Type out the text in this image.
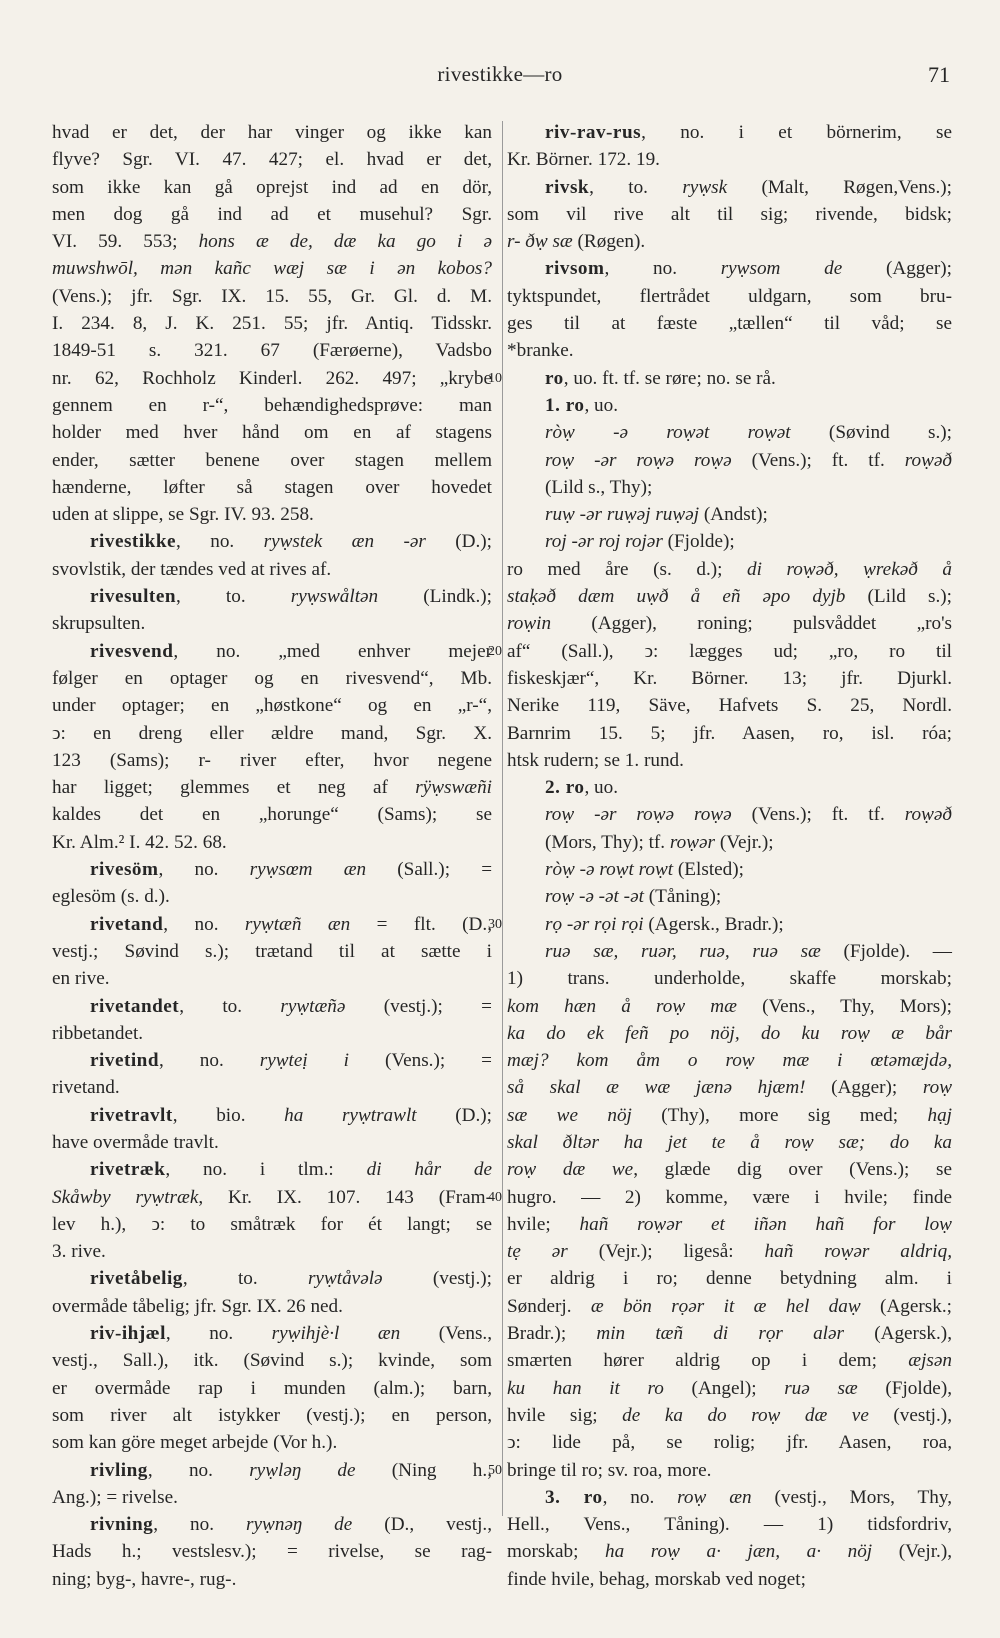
rivestikke—ro	71
hvad er det, der har vinger og ikke kan
flyve? Sgr. VI. 47. 427; el. hvad er det,
som ikke kan gå oprejst ind ad en dör,
men dog gå ind ad et musehul? Sgr.
VI. 59. 553; hons æ de, dæ ka go i ə
muwshwōl, mən kañc wæj sæ i ən kobos?
(Vens.); jfr. Sgr. IX. 15. 55, Gr. Gl. d. M.
I. 234. 8, J. K. 251. 55; jfr. Antiq. Tidsskr.
1849-51 s. 321. 67 (Færøerne), Vadsbo
nr. 62, Rochholz Kinderl. 262. 497; „krybe
gennem en r-“, behændighedsprøve: man
holder med hver hånd om en af stagens
ender, sætter benene over stagen mellem
hænderne, løfter så stagen over hovedet
uden at slippe, se Sgr. IV. 93. 258.
rivestikke, no. ryẉstek æn -ər (D.);
svovlstik, der tændes ved at rives af.
rivesulten, to. ryẉswåltən (Lindk.);
skrupsulten.
rivesvend, no. „med enhver mejer
følger en optager og en rivesvend“, Mb.
under optager; en „høstkone“ og en „r-“,
ↄ: en dreng eller ældre mand, Sgr. X.
123 (Sams); r- river efter, hvor negene
har ligget; glemmes et neg af rÿẉswæñi
kaldes det en „horunge“ (Sams); se
Kr. Alm.² I. 42. 52. 68.
rivesöm, no. ryẉsœm æn (Sall.); =
eglesöm (s. d.).
rivetand, no. ryẉtæñ æn = flt. (D.,
vestj.; Søvind s.); trætand til at sætte i
en rive.
rivetandet, to. ryẉtæñə (vestj.); =
ribbetandet.
rivetind, no. ryẉteị i (Vens.); =
rivetand.
rivetravlt, bio. ha ryẉtrawlt (D.);
have overmåde travlt.
rivetræk, no. i tlm.: di hår de
Skåwby ryẉtræk, Kr. IX. 107. 143 (Fram-
lev h.), ↄ: to småtræk for ét langt; se
3. rive.
rivetåbelig, to. ryẉtåvələ (vestj.);
overmåde tåbelig; jfr. Sgr. IX. 26 ned.
riv-ihjæl, no. ryẉihjè·l æn (Vens.,
vestj., Sall.), itk. (Søvind s.); kvinde, som
er overmåde rap i munden (alm.); barn,
som river alt istykker (vestj.); en person,
som kan göre meget arbejde (Vor h.).
rivling, no. ryẉləŋ de (Ning h.,
Ang.); = rivelse.
rivning, no. ryẉnəŋ de (D., vestj.,
Hads h.; vestslesv.); = rivelse, se rag-
ning; byg-, havre-, rug-.
riv-rav-rus, no. i et börnerim, se
Kr. Börner. 172. 19.
rivsk, to. ryẉsk (Malt, Røgen,Vens.);
som vil rive alt til sig; rivende, bidsk;
r- ðẉ sæ (Røgen).
rivsom, no. ryẉsom de (Agger);
tyktspundet, flertrådet uldgarn, som bru-
ges til at fæste „tællen“ til våd; se
*branke.
ro, uo. ft. tf. se røre; no. se rå.
1. ro, uo.
ròẉ -ə roẉət roẉət (Søvind s.);
roẉ -ər roẉə roẉə (Vens.); ft. tf. roẉəð
(Lild s., Thy);
ruẉ -ər ruẉəj ruẉəj (Andst);
roj -ər roj rojər (Fjolde);
ro med åre (s. d.); di roẉəð, ẉrekəð å
staḳəð dæm uẉð å eñ əpo dyjb (Lild s.);
roẉin (Agger), roning; pulsvåddet „ro's
af“ (Sall.), ↄ: lægges ud; „ro, ro til
fiskeskjær“, Kr. Börner. 13; jfr. Djurkl.
Nerike 119, Säve, Hafvets S. 25, Nordl.
Barnrim 15. 5; jfr. Aasen, ro, isl. róa;
htsk rudern; se 1. rund.
2. ro, uo.
roẉ -ər roẉə roẉə (Vens.); ft. tf. roẉəð
(Mors, Thy); tf. roẉər (Vejr.);
ròẉ -ə roẉt roẉt (Elsted);
roẉ -ə -ət -ət (Tåning);
rọ -ər rọi rọi (Agersk., Bradr.);
ruə sæ, ruər, ruə, ruə sæ (Fjolde). —
1) trans. underholde, skaffe morskab;
kom hæn å roẉ mæ (Vens., Thy, Mors);
ka do ek feñ po nöj, do ku roẉ æ bår
mæj? kom åm o roẉ mæ i œtəmæjdə,
så skal æ wæ jænə hjæm! (Agger); roẉ
sæ we nöj (Thy), more sig med; hạj
skal ðltər ha jet te å roẉ sæ; do ka
roẉ dæ we, glæde dig over (Vens.); se
hugro. — 2) komme, være i hvile; finde
hvile; hañ roẉər et iñən hañ for loẉ
tẹ ər (Vejr.); ligeså: hañ roẉər aldriq,
er aldrig i ro; denne betydning alm. i
Sønderj. æ bön rọər it æ hel daẉ (Agersk.;
Bradr.); min tæñ di rọr alər (Agersk.),
smærten hører aldrig op i dem; æjsən
ku han it ro (Angel); ruə sæ (Fjolde),
hvile sig; de ka do roẉ dæ ve (vestj.),
ↄ: lide på, se rolig; jfr. Aasen, roa,
bringe til ro; sv. roa, more.
3. ro, no. roẉ æn (vestj., Mors, Thy,
Hell., Vens., Tåning). — 1) tidsfordriv,
morskab; ha roẉ a· jæn, a· nöj (Vejr.),
finde hvile, behag, morskab ved noget;
10
20
30
40
50
